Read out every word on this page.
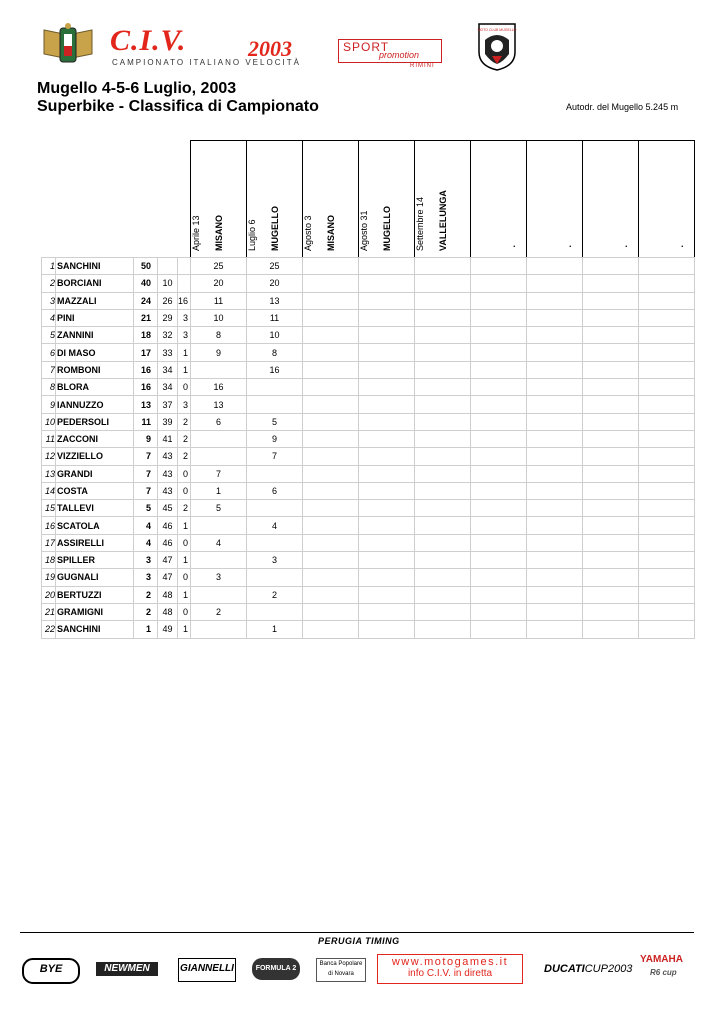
C.I.V.	2003
CAMPIONATO ITALIANO VELOCITÀ
SPORT
promotion
RIMINI
MOTO CLUB MUGELLO
Mugello 4-5-6 Luglio, 2003
Superbike - Classifica di Campionato	Autodr. del Mugello 5.245 m

					Aprile 13 MISANO	Luglio 6 MUGELLO	Agosto 3 MISANO	Agosto 31 MUGELLO	Settembre 14 VALLELUNGA	.	.	.	.

1	SANCHINI	50			25	25							
2	BORCIANI	40	10		20	20							
3	MAZZALI	24	26	16	11	13							
4	PINI	21	29	3	10	11							
5	ZANNINI	18	32	3	8	10							
6	DI MASO	17	33	1	9	8							
7	ROMBONI	16	34	1		16							
8	BLORA	16	34	0	16								
9	IANNUZZO	13	37	3	13								
10	PEDERSOLI	11	39	2	6	5							
11	ZACCONI	9	41	2		9							
12	VIZZIELLO	7	43	2		7							
13	GRANDI	7	43	0	7								
14	COSTA	7	43	0	1	6							
15	TALLEVI	5	45	2	5								
16	SCATOLA	4	46	1		4							
17	ASSIRELLI	4	46	0	4								
18	SPILLER	3	47	1		3							
19	GUGNALI	3	47	0	3								
20	BERTUZZI	2	48	1		2							
21	GRAMIGNI	2	48	0	2								
22	SANCHINI	1	49	1		1							
PERUGIA TIMING
BYE	NEWMEN	GIANNELLI	FORMULA 2
Banca Popolare di Novara
www.motogames.it
info C.I.V. in diretta	DUCATICUP2003
YAMAHA
R6 cup
